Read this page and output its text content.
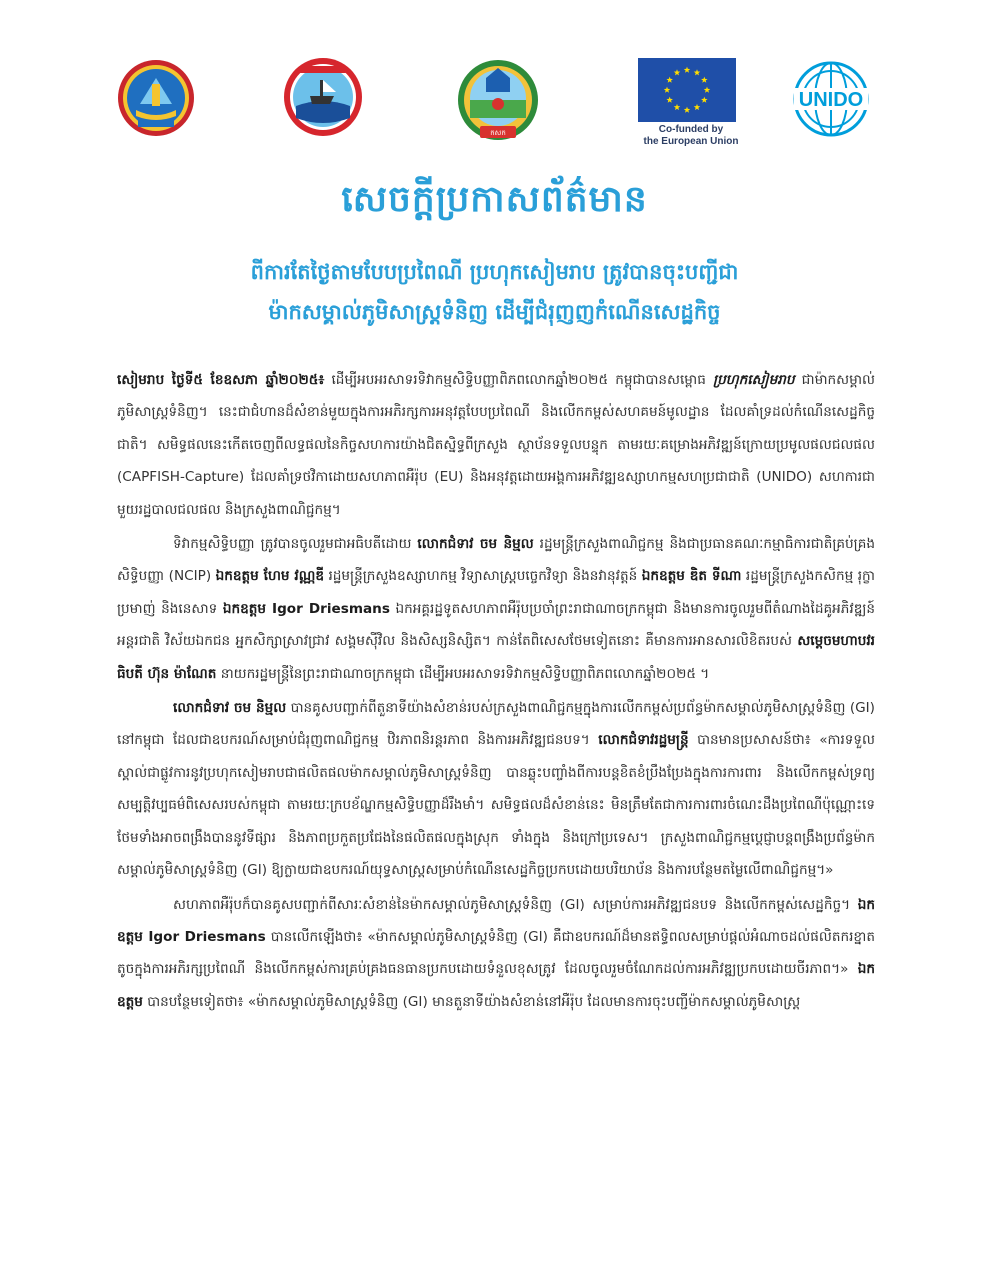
កសក	Co-funded by
the European Union
UNIDO
សេចក្តីប្រកាសព័ត៌មាន
ពីការតែថ្ងៃតាមបែបប្រពៃណី ប្រហុកសៀមរាប ត្រូវបានចុះបញ្ជីជា
ម៉ាកសម្គាល់ភូមិសាស្ត្រទំនិញ ដើម្បីជំរុញញកំណើនសេដ្ឋកិច្ច

សៀមរាប ថ្ងៃទី៥ ខែឧសភា ឆ្នាំ២០២៥៖ ដើម្បីអបអរសាទរទិវាកម្មសិទ្ធិបញ្ញាពិភពលោកឆ្នាំ២០២៥ កម្ពុជាបានសម្ពោធ ប្រហុកសៀមរាប ជាម៉ាកសម្គាល់ភូមិសាស្ត្រទំនិញ។ នេះជាជំហានដ៏សំខាន់មួយក្នុងការអភិរក្សការអនុវត្តបែបប្រពៃណី និងលើកកម្ពស់សហគមន៍មូលដ្ឋាន ដែលគាំទ្រដល់កំណើនសេដ្ឋកិច្ចជាតិ។ សមិទ្ធផលនេះកើតចេញពីលទ្ធផលនៃកិច្ចសហការយ៉ាងជិតស្និទ្ធពីក្រសួង ស្ថាប័នទទួលបន្ទុក តាមរយៈគម្រោងអភិវឌ្ឍន៍ក្រោយប្រមូលផលជលផល (CAPFISH-Capture) ដែលគាំទ្រថវិកាដោយសហភាពអឺរ៉ុប (EU) និងអនុវត្តដោយអង្គការអភិវឌ្ឍឧស្សាហកម្មសហប្រជាជាតិ (UNIDO) សហការជាមួយរដ្ឋបាលជលផល និងក្រសួងពាណិជ្ជកម្ម។

ទិវាកម្មសិទ្ធិបញ្ញា ត្រូវបានចូលរួមជាអធិបតីដោយ លោកជំទាវ ចម និម្មល រដ្ឋមន្ត្រីក្រសួងពាណិជ្ជកម្ម និងជាប្រធានគណៈកម្មាធិការជាតិគ្រប់គ្រងសិទ្ធិបញ្ញា (NCIP) ឯកឧត្តម ហែម វណ្ណឌី រដ្ឋមន្ត្រីក្រសួងឧស្សាហកម្ម វិទ្យាសាស្ត្របច្ចេកវិទ្យា និងនវានុវត្តន៍ ឯកឧត្តម ឌិត ទីណា រដ្ឋមន្ត្រីក្រសួងកសិកម្ម រុក្ខាប្រមាញ់ និងនេសាទ ឯកឧត្តម Igor Driesmans ឯកអគ្គរដ្ឋទូតសហភាពអឺរ៉ុបប្រចាំព្រះរាជាណាចក្រកម្ពុជា និងមានការចូលរួមពីតំណាងដៃគូអភិវឌ្ឍន៍អន្តរជាតិ វិស័យឯកជន អ្នកសិក្សាស្រាវជ្រាវ សង្គមស៊ីវិល និងសិស្សនិស្សិត។ កាន់តែពិសេសថែមទៀតនោះ គឺមានការអានសារលិខិតរបស់ សម្តេចមហាបវរធិបតី ហ៊ុន ម៉ាណែត នាយករដ្ឋមន្ត្រីនៃព្រះរាជាណាចក្រកម្ពុជា ដើម្បីអបអរសាទរទិវាកម្មសិទ្ធិបញ្ញាពិភពលោកឆ្នាំ២០២៥ ។

លោកជំទាវ ចម និម្មល បានគូសបញ្ជាក់ពីតួនាទីយ៉ាងសំខាន់របស់ក្រសួងពាណិជ្ជកម្មក្នុងការលើកកម្ពស់ប្រព័ន្ធម៉ាកសម្គាល់ភូមិសាស្ត្រទំនិញ (GI) នៅកម្ពុជា ដែលជាឧបករណ៍សម្រាប់ជំរុញពាណិជ្ជកម្ម ឋិរភាពនិរន្តរភាព និងការអភិវឌ្ឍជនបទ។ លោកជំទាវរដ្ឋមន្ត្រី បានមានប្រសាសន៍ថា៖ «ការទទួលស្គាល់ជាផ្លូវការនូវប្រហុកសៀមរាបជាផលិតផលម៉ាកសម្គាល់ភូមិសាស្ត្រទំនិញ បានឆ្លុះបញ្ចាំងពីការបន្តខិតខំប្រឹងប្រែងក្នុងការការពារ និងលើកកម្ពស់ទ្រព្យសម្បត្តិវប្បធម៌ពិសេសរបស់កម្ពុជា តាមរយៈក្របខ័ណ្ឌកម្មសិទ្ធិបញ្ញាដ៏រឹងមាំ។ សមិទ្ធផលដ៏សំខាន់នេះ មិនត្រឹមតែជាការការពារចំណេះដឹងប្រពៃណីប៉ុណ្ណោះទេ ថែមទាំងអាចពង្រឹងបាននូវទីផ្សារ និងភាពប្រកួតប្រជែងនៃផលិតផលក្នុងស្រុក ទាំងក្នុង និងក្រៅប្រទេស។ ក្រសួងពាណិជ្ជកម្មប្តេជ្ញាបន្តពង្រឹងប្រព័ន្ធម៉ាកសម្គាល់ភូមិសាស្ត្រទំនិញ (GI) ឱ្យក្លាយជាឧបករណ៍យុទ្ធសាស្ត្រសម្រាប់កំណើនសេដ្ឋកិច្ចប្រកបដោយបរិយាប័ន និងការបន្ថែមតម្លៃលើពាណិជ្ជកម្ម។»

សហភាពអឺរ៉ុបក៏បានគូសបញ្ជាក់ពីសារៈសំខាន់នៃម៉ាកសម្គាល់ភូមិសាស្ត្រទំនិញ (GI) សម្រាប់ការអភិវឌ្ឍជនបទ និងលើកកម្ពស់សេដ្ឋកិច្ច។ ឯកឧត្តម Igor Driesmans បានលើកឡើងថា៖ «ម៉ាកសម្គាល់ភូមិសាស្ត្រទំនិញ (GI) គឺជាឧបករណ៍ដ៏មានឥទ្ធិពលសម្រាប់ផ្តល់អំណាចដល់ផលិតករខ្នាតតូចក្នុងការអភិរក្សប្រពៃណី និងលើកកម្ពស់ការគ្រប់គ្រងធនធានប្រកបដោយទំនួលខុសត្រូវ ដែលចូលរួមចំណែកដល់ការអភិវឌ្ឍប្រកបដោយចីរភាព។» ឯកឧត្តម បានបន្ថែមទៀតថា៖ «ម៉ាកសម្គាល់ភូមិសាស្ត្រទំនិញ (GI) មានតួនាទីយ៉ាងសំខាន់នៅអឺរ៉ុប ដែលមានការចុះបញ្ជីម៉ាកសម្គាល់ភូមិសាស្ត្រ
